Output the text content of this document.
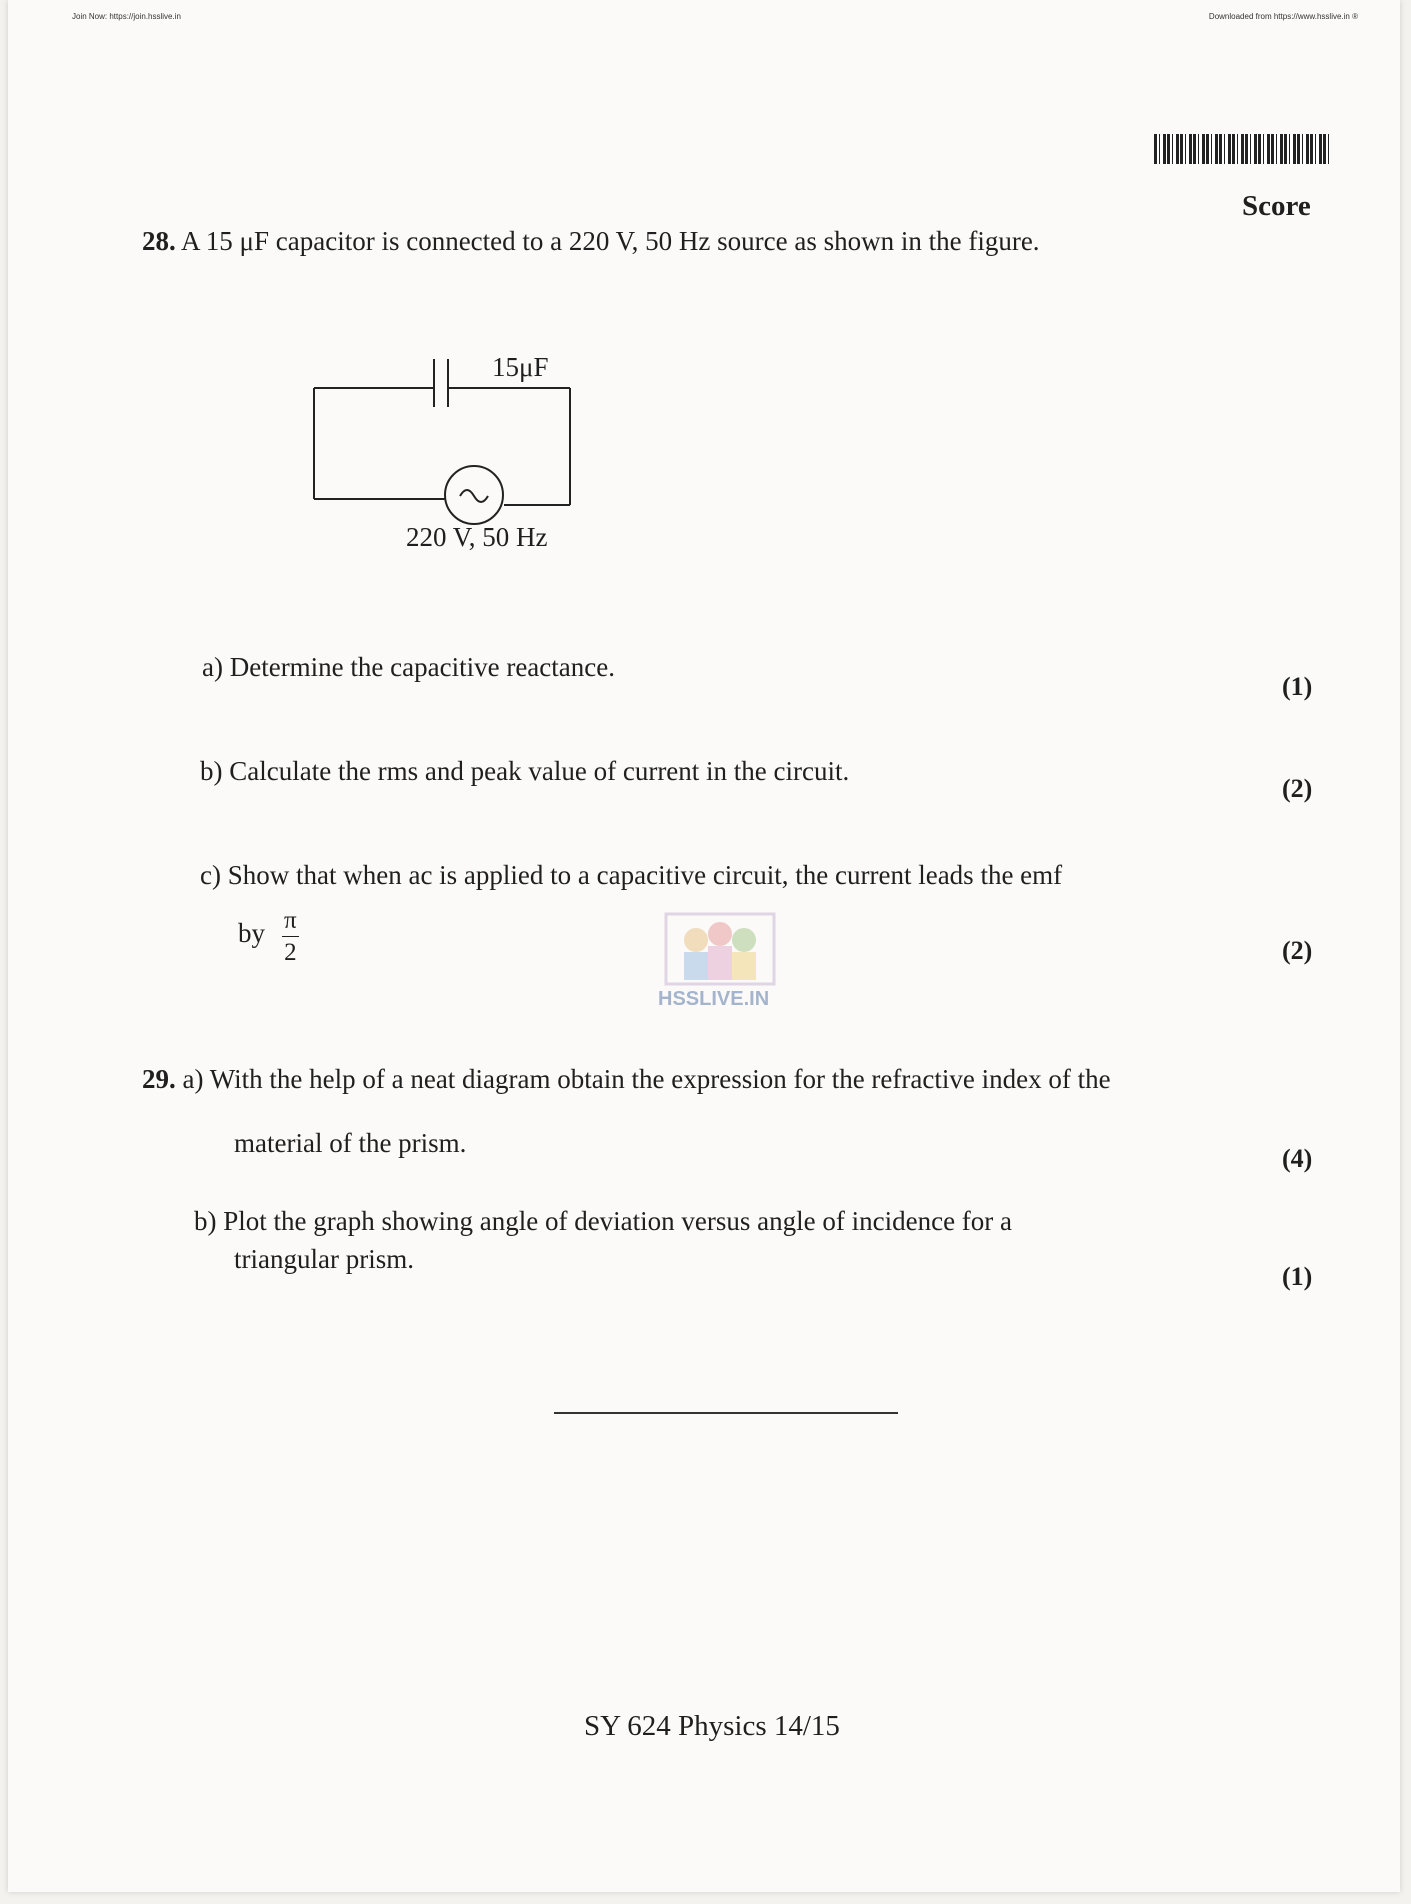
Join Now: https://join.hsslive.in	Downloaded from https://www.hsslive.in ®
Score
28. A 15 μF capacitor is connected to a 220 V, 50 Hz source as shown in the figure.
15μF
220 V, 50 Hz
a) Determine the capacitive reactance.
(1)
b) Calculate the rms and peak value of current in the circuit.
(2)
c) Show that when ac is applied to a capacitive circuit, the current leads the emf
by $\frac{\pi}{2}$	(2)
HSSLIVE.IN
29. a) With the help of a neat diagram obtain the expression for the refractive index of the
material of the prism.
(4)
b) Plot the graph showing angle of deviation versus angle of incidence for a
triangular prism.
(1)
SY 624 Physics 14/15
